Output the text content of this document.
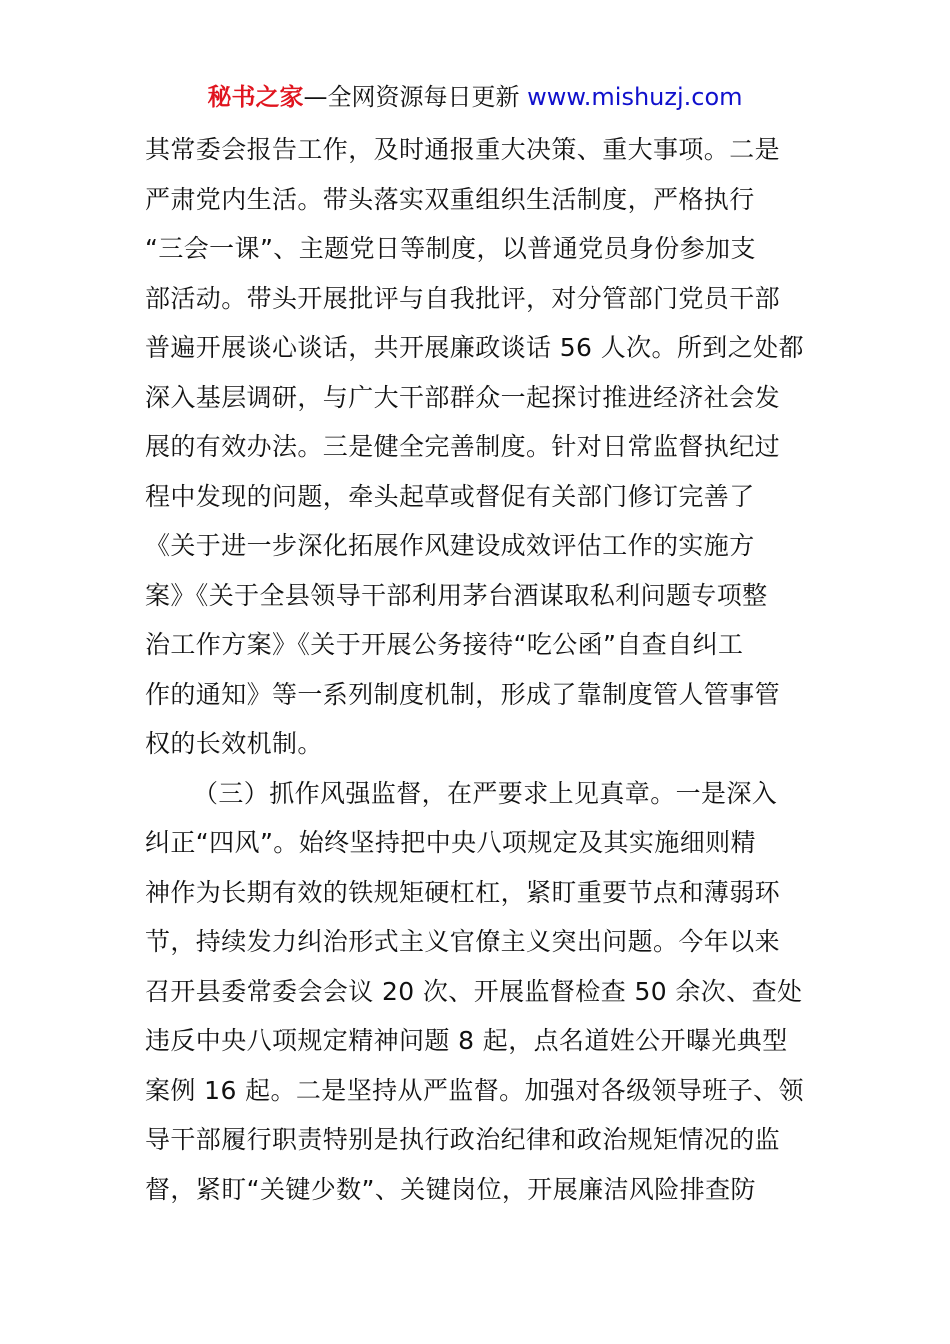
秘书之家—全网资源每日更新 www.mishuzj.com
其常委会报告工作，及时通报重大决策、重大事项。二是
严肃党内生活。带头落实双重组织生活制度，严格执行
“三会一课”、主题党日等制度，以普通党员身份参加支
部活动。带头开展批评与自我批评，对分管部门党员干部
普遍开展谈心谈话，共开展廉政谈话 56 人次。所到之处都
深入基层调研，与广大干部群众一起探讨推进经济社会发
展的有效办法。三是健全完善制度。针对日常监督执纪过
程中发现的问题，牵头起草或督促有关部门修订完善了
《关于进一步深化拓展作风建设成效评估工作的实施方
案》《关于全县领导干部利用茅台酒谋取私利问题专项整
治工作方案》《关于开展公务接待“吃公函”自查自纠工
作的通知》等一系列制度机制，形成了靠制度管人管事管
权的长效机制。
（三）抓作风强监督，在严要求上见真章。一是深入
纠正“四风”。始终坚持把中央八项规定及其实施细则精
神作为长期有效的铁规矩硬杠杠，紧盯重要节点和薄弱环
节，持续发力纠治形式主义官僚主义突出问题。今年以来
召开县委常委会会议 20 次、开展监督检查 50 余次、查处
违反中央八项规定精神问题 8 起，点名道姓公开曝光典型
案例 16 起。二是坚持从严监督。加强对各级领导班子、领
导干部履行职责特别是执行政治纪律和政治规矩情况的监
督，紧盯“关键少数”、关键岗位，开展廉洁风险排查防
